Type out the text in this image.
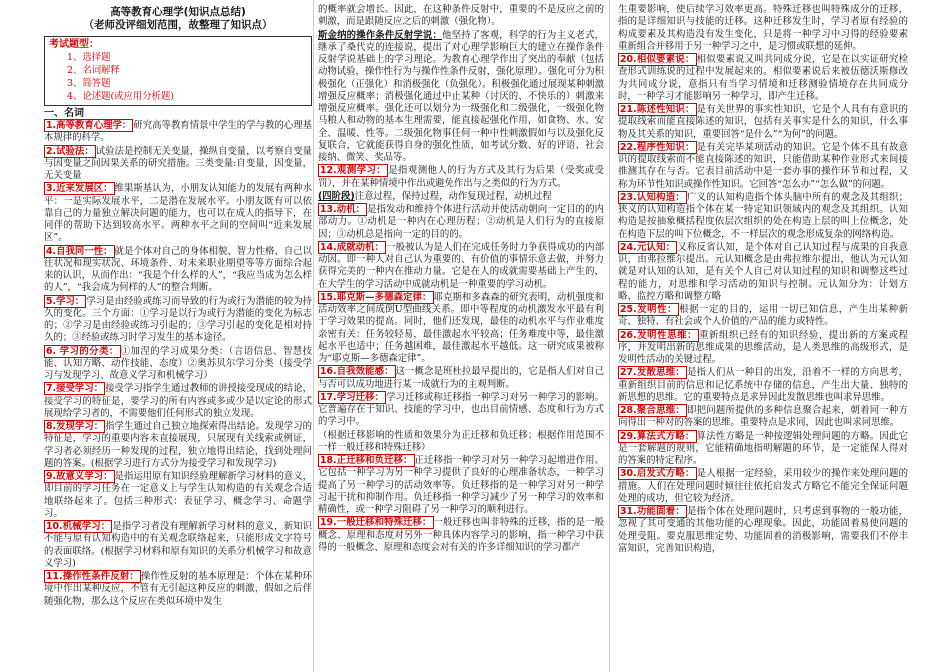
高等教育心理学(知识点总结)
（老师没评细划范围，故整理了知识点）
考试题型：
1、选择题
2、名词解释
3、简答题
4、论述题(或应用分析题)
一、名词
1.高等教育心理学： 研究高等教育情景中学生的学与教的心理基本规律的科学。
2.试验法： 试验法是控制无关变量，操纵自变量，以考察自变量与因变量之间因果关系的研究措施。三类变量:自变量，因变量，无关变量
3.近来发展区： 维果斯基认为，小朋友认知能力的发展有两种水平：一是实际发展水平，二是潜在发展水平。小朋友既有可以依靠自己的力量独立解决问题的能力，也可以在成人的指导下，在同伴的帮助下达到较高水平。两种水平之间的空间叫“近来发展区”。
4.自我同一性： 就是个体对自己的身体相貌、智力性格、自己以往状况和现实状况、环境条件、对未来职业期望等等方面综合起来的认识，从而作出：“我是个什么样的人”，“我应当成为怎么样的人”，“我会成为何样的人”的整合判断。
5.学习： 学习是由经验或练习而导致的行为或行为潜能的较为持久的变化。三个方面：①学习是以行为或行为潜能的变化为标志的；②学习是由经验或练习引起的；③学习引起的变化是相对持久的；③经验或练习时学习发生的基本途径。
6. 学习的分类： ①加涅的学习成果分类：（言语信息、智慧技能、认知方略、动作技能、态度）②奥苏贝尔学习分类（接受学习与发现学习、故意义学习和机械学习）
7.接受学习： 接受学习指学生通过教师的讲授接受现成的结论，接受学习的特征是，要学习的所有内容或多或少是以定论的形式展现给学习者的，不需要他们任何形式的独立发现。
8.发现学习： 指学生通过自己独立地探索得出结论。发现学习的特征是，学习的重要内容未直接展现，只展现有关线索或例证，学习者必须经历一种发现的过程，独立地得出结论，找到处理问题的答案。(根据学习进行方式分为接受学习和发现学习)
9.故意义学习： 是指运用原有知识经验理解新学习材料的意义，即目前的学习任务在一定意义上与学生认知构造的有关观念合适地联络起来了。包括三种形式：表征学习、概念学习、命题学习。
10.机械学习： 是指学习者没有理解新学习材料的意义，新知识不能与原有认知构造中的有关观念联络起来，只能形成文字符号的表面联络。(根据学习材料和原有知识的关系分机械学习和故意义学习)
11.操作性条件反射： 操作性反射的基本原理是：个体在某种环境中作出某种反应，不管有无引起这种反应的刺激，假如之后伴随强化物，那么这个反应在类似环境中发生
的概率就会增长。因此，在这种条件反射中，重要的不是反应之前的刺激，而是跟随反应之后的刺激（强化物）。
斯金纳的操作条件反射学说：他坚持了客观，科学的行为主义老式，继承了桑代克的连接说，提出了对心理学影响巨大的建立在操作条件反射学说基础上的学习理论。为教育心理学作出了突出的奉献（包括动物试验，操作性行为与操作性条件反射，强化原理）。强化可分为积极强化（正强化）和消极强化（负强化）。积极强化通过展现某种刺激增强反应概率；消极强化通过中止某种（讨厌的、不快乐的）刺激来增强反应概率。强化还可以划分为一级强化和二级强化，一级强化物马粮人和动物的基本生理需要，能直接起强化作用，如食物、水、安全、温暖、性等。二级强化物事任何一种中性刺激假如与以及强化反复联合，它就能获得自身的强化性质，如考试分数、好的评语、社会接纳、微笑、奖品等。
12.观测学习： 是指观测他人的行为方式及其行为后果（受奖或受罚），并在某种情境中作出或避免作出与之类似的行为方式。
(四阶段)注意过程，保持过程，动作复现过程，动机过程
13.动机： 是指发动和维持个体进行活动并使活动朝向一定目的的内部动力。①动机是一种内在心理历程；②动机是人们行为的直接原因；③动机总是指向一定的目的的。
14.成就动机： 一般被认为是人们在完成任务时力争获得成功的内部动因。即一种人对自己认为重要的、有价值的事情乐意去做，并努力获得完美的一种内在推动力量。它是在人的成就需要基础上产生的，在大学生的学习活动中成就动机是一种重要的学习动机。
15.耶克斯—多德森定律： 耶克斯和多森森的研究表明，动机强度和活动效率之间成倒U型曲线关系。即中等程度的动机激发水平最有利于学习效果的提高。同时，他们还发现，最佳的动机水平与作业难度亲密有关：任务较轻易，最佳激起水平较高；任务难度中等，最佳激起水平也适中；任务越困难，最佳激起水平越低。这一研究成果被称为“耶克斯—多德森定律”。
16.自我效能感： 这一概念是班杜拉最早提出的，它是指人们对自己与否可以成功地进行某一成就行为的主观判断。
17.学习迁移： 学习迁移或称迁移指一种学习对另一种学习的影响。它普遍存在于知识、技能的学习中，也出目前情感、态度和行为方式的学习中。
（根据迁移影响的性质和效果分为正迁移和负迁移；根据作用范围不一样一般迁移和特殊迁移）
18.正迁移和负迁移： 正迁移指一种学习对另一种学习起增进作用。它包括一种学习为另一种学习提供了良好的心理准备状态，一种学习提高了另一种学习的活动效率等。负迁移指的是一种学习对另一种学习起干扰和抑制作用。负迁移指一种学习减少了另一种学习的效率和精确性，或一种学习阻碍了另一种学习的顺利进行。
19.一般迁移和特殊迁移： 一般迁移也叫非特殊的迁移，指的是一般概念、原理和态度对另外一种具体内容学习的影响，指一种学习中获得的一般概念、原理和态度会对有关的许多详细知识的学习都产
生重要影响，使后续学习效率更高。特殊迁移也叫特殊成分的迁移，指的是详细知识与技能的迁移。这种迁移发生时，学习者原有经验的构成要素及其构造没有发生变化，只是将一种学习中习得的经验要素重新组合并移用于另一种学习之中，是习惯或联想的延伸。
20.相似要素说： 相似要素说又叫共同成分说，它是在以实证研究检查形式训练说的过程中发展起来的。相似要素说后来被伍德沃斯修改为共同成分说，意指只有当学习情境和迁移测验情境存在共同成分时，一种学习才能影响另一种学习，即产生迁移。
21.陈述性知识： 是有关世界的事实性知识，它是个人具有有意识的提取线索而能直接陈述的知识，包括有关事实是什么的知识，什么事物及其关系的知识，重要回答“是什么”“为何”的问题。
22.程序性知识： 是有关完毕某项活动的知识。它是个体不具有故意识的提取线索而不能直接陈述的知识，只能借助某种作业形式来间接推测其存在与否。它表目前活动中是一套办事的操作环节和过程，又称为环节性知识或操作性知识。它回答“怎么办”“怎么做”的问题。
23.认知构造： 广义的认知构造指个体头脑中所有的观念及其组织；狭义的认知构造指个体在某一特定知识领域内的观念及其组织。认知构造是按抽象概括程度依层次组织的处在构造上层的叫上位概念，处在构造下层的叫下位概念，不一样层次的观念形成复杂的网络构造。
24.元认知： 又称反省认知，是个体对自己认知过程与成果的自我意识，由弗拉维尔提出。元认知概念是由弗拉维尔提出，他认为元认知就是对认知的认知，是有关个人自己对认知过程的知识和调整这些过程的能力，对思维和学习活动的知识与控制。元认知分为：计划方略、监控方略和调整方略
25.发明性： 根据一定的目的，运用一切已知信息，产生出某种新奇、独特、有社会或个人价值的产品的能力或特性。
26.发明性思维： 重新组织已经有的知识经验，提出新的方案或程序，并发明出新的思维成果的思维活动，是人类思维的高级形式，是发明性活动的关键过程。
27.发散思维： 是指人们从一种目的出发，沿着不一样的方向思考，重新组织目前的信息和记忆系统中存储的信息，产生出大量、独特的新思想的思维。它的重要特点是求异因此发散思维也叫求异思维。
28.聚合思维： 即把问题所提供的多种信息聚合起来，朝着同一种方向得出一种对的答案的思维。重要特点是求同，因此也叫求同思维。
29.算法式方略： 算法性方略是一种按逻辑处理问题的方略。因此它是一套解题的规则，它能精确地指明解题的环节，是一定能保人得对的答案的特定程序。
30.启发式方略： 是人根据一定经验，采用较少的操作来处理问题的措施。人们在处理问题时倾往往依托启发式方略它不能完全保证问题处理的成功，但它较为经济。
31.功能固着： 是指个体在处理问题时，只考虑到事物的一般功能，忽视了其可变通的其他功能的心理现象。因此，功能固着易使问题的处理受阻。要克服思维定势、功能固着的消极影响，需要我们不停丰富知识，完善知识构造，
